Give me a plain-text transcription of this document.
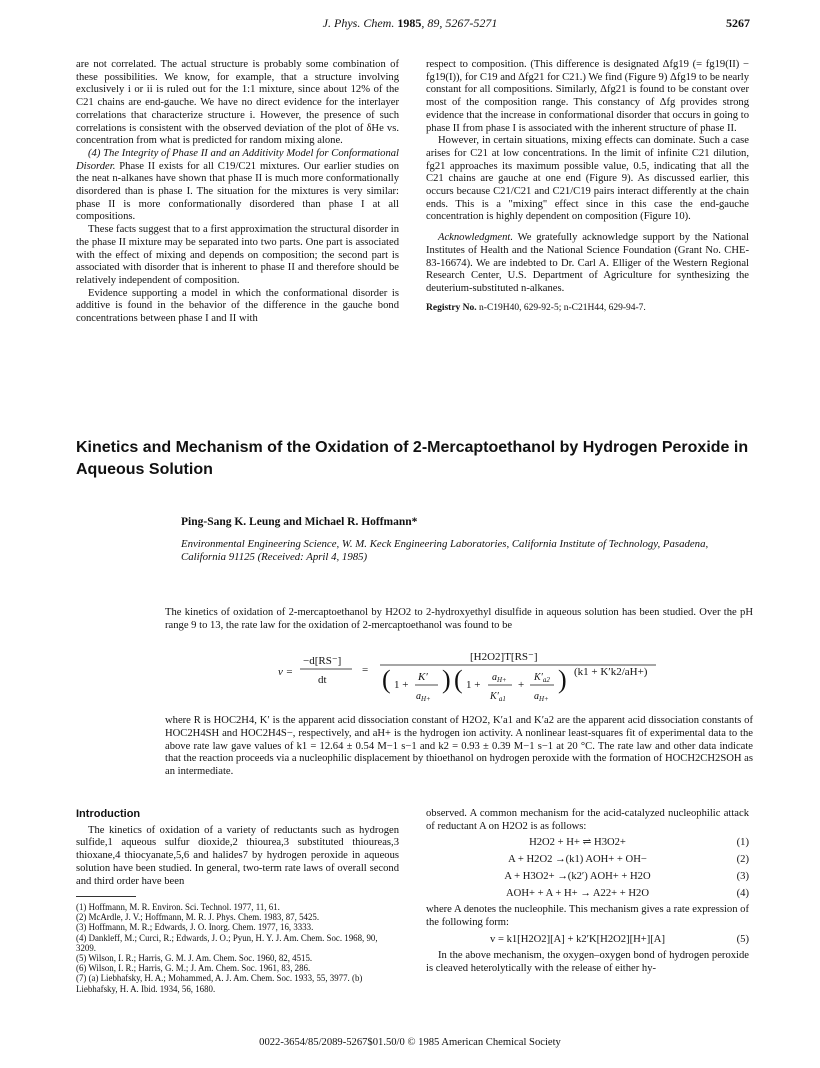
J. Phys. Chem. 1985, 89, 5267-5271	5267

are not correlated. The actual structure is probably some combination of these possibilities. We know, for example, that a structure involving exclusively i or ii is ruled out for the 1:1 mixture, since about 12% of the C21 chains are end-gauche. We have no direct evidence for the interlayer correlations that characterize structure i. However, the presence of such correlations is consistent with the observed deviation of the plot of δHe vs. concentration from what is predicted for random mixing alone.

(4) The Integrity of Phase II and an Additivity Model for Conformational Disorder. Phase II exists for all C19/C21 mixtures. Our earlier studies on the neat n-alkanes have shown that phase II is much more conformationally disordered than is phase I. The situation for the mixtures is very similar: phase II is more conformationally disordered than phase I at all compositions.

These facts suggest that to a first approximation the structural disorder in the phase II mixture may be separated into two parts. One part is associated with the effect of mixing and depends on composition; the second part is associated with disorder that is inherent to phase II and therefore should be relatively independent of composition.

Evidence supporting a model in which the conformational disorder is additive is found in the behavior of the difference in the gauche bond concentrations between phase I and II with

respect to composition. (This difference is designated Δfg19 (= fg19(II) − fg19(I)), for C19 and Δfg21 for C21.) We find (Figure 9) Δfg19 to be nearly constant for all compositions. Similarly, Δfg21 is found to be constant over most of the composition range. This constancy of Δfg provides strong evidence that the increase in conformational disorder that occurs in going to phase II from phase I is associated with the inherent structure of phase II.

However, in certain situations, mixing effects can dominate. Such a case arises for C21 at low concentrations. In the limit of infinite C21 dilution, fg21 approaches its maximum possible value, 0.5, indicating that all the C21 chains are gauche at one end (Figure 9). As discussed earlier, this occurs because C21/C21 and C21/C19 pairs interact differently at the chain ends. This is a "mixing" effect since in this case the end-gauche concentration is highly dependent on composition (Figure 10).

Acknowledgment. We gratefully acknowledge support by the National Institutes of Health and the National Science Foundation (Grant No. CHE-83-16674). We are indebted to Dr. Carl A. Elliger of the Western Regional Research Center, U.S. Department of Agriculture for synthesizing the deuterium-substituted n-alkanes.

Registry No. n-C19H40, 629-92-5; n-C21H44, 629-94-7.

Kinetics and Mechanism of the Oxidation of 2-Mercaptoethanol by Hydrogen Peroxide in Aqueous Solution
Ping-Sang K. Leung and Michael R. Hoffmann*
Environmental Engineering Science, W. M. Keck Engineering Laboratories, California Institute of Technology, Pasadena, California 91125 (Received: April 4, 1985)

The kinetics of oxidation of 2-mercaptoethanol by H2O2 to 2-hydroxyethyl disulfide in aqueous solution has been studied. Over the pH range 9 to 13, the rate law for the oxidation of 2-mercaptoethanol was found to be

v =
−d[RS⁻]
dt
=
[H2O2]T[RS⁻]
( 1 +
K′
$a_{H+}$
) ( 1 +
$a_{H+}$
$K'_{a1}$
+
$K'_{a2}$
$a_{H+}$
) (k1 + K′k2/aH+)

where R is HOC2H4, K′ is the apparent acid dissociation constant of H2O2, K′a1 and K′a2 are the apparent acid dissociation constants of HOC2H4SH and HOC2H4S−, respectively, and aH+ is the hydrogen ion activity. A nonlinear least-squares fit of experimental data to the above rate law gave values of k1 = 12.64 ± 0.54 M−1 s−1 and k2 = 0.93 ± 0.39 M−1 s−1 at 20 °C. The rate law and other data indicate that the reaction proceeds via a nucleophilic displacement by thioethanol on hydrogen peroxide with the formation of HOCH2CH2SOH as an intermediate.

Introduction

The kinetics of oxidation of a variety of reductants such as hydrogen sulfide,1 aqueous sulfur dioxide,2 thiourea,3 substituted thioureas,3 thioxane,4 thiocyanate,5,6 and halides7 by hydrogen peroxide in aqueous solution have been studied. In general, two-term rate laws of overall second and third order have been

(1) Hoffmann, M. R. Environ. Sci. Technol. 1977, 11, 61.
(2) McArdle, J. V.; Hoffmann, M. R. J. Phys. Chem. 1983, 87, 5425.
(3) Hoffmann, M. R.; Edwards, J. O. Inorg. Chem. 1977, 16, 3333.
(4) Dankleff, M.; Curci, R.; Edwards, J. O.; Pyun, H. Y. J. Am. Chem. Soc. 1968, 90, 3209.
(5) Wilson, I. R.; Harris, G. M. J. Am. Chem. Soc. 1960, 82, 4515.
(6) Wilson, I. R.; Harris, G. M.; J. Am. Chem. Soc. 1961, 83, 286.
(7) (a) Liebhafsky, H. A.; Mohammed, A. J. Am. Chem. Soc. 1933, 55, 3977. (b) Liebhafsky, H. A. Ibid. 1934, 56, 1680.

observed. A common mechanism for the acid-catalyzed nucleophilic attack of reductant A on H2O2 is as follows:

H2O2 + H+ ⇌ H3O2+	(1)
A + H2O2 →(k1) AOH+ + OH−	(2)
A + H3O2+ →(k2′) AOH+ + H2O	(3)
AOH+ + A + H+ → A22+ + H2O	(4)

where A denotes the nucleophile. This mechanism gives a rate expression of the following form:

v = k1[H2O2][A] + k2′K[H2O2][H+][A]	(5)

In the above mechanism, the oxygen–oxygen bond of hydrogen peroxide is cleaved heterolytically with the release of either hy-

0022-3654/85/2089-5267$01.50/0 © 1985 American Chemical Society
